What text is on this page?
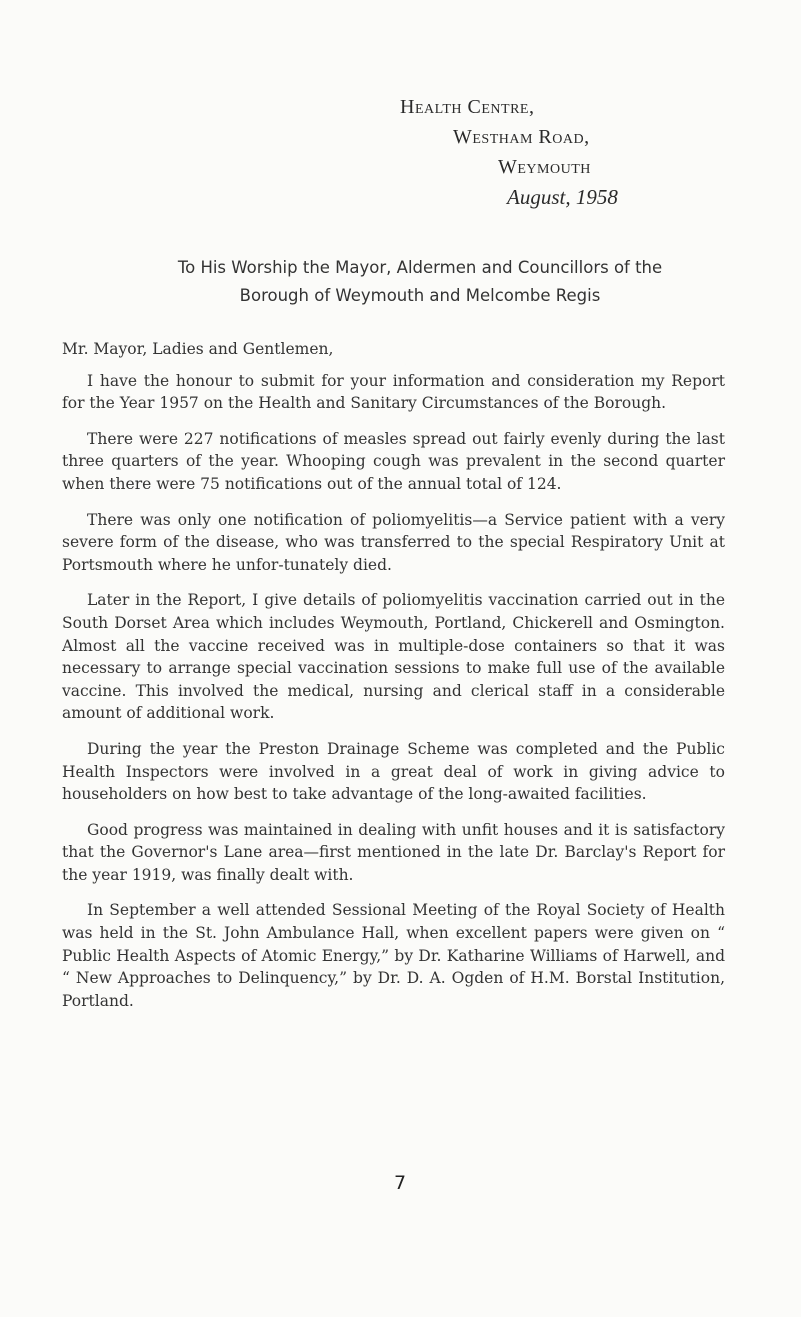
Health Centre,
Westham Road,
Weymouth
August, 1958
To His Worship the Mayor, Aldermen and Councillors of the
Borough of Weymouth and Melcombe Regis

Mr. Mayor, Ladies and Gentlemen,

I have the honour to submit for your information and consideration my Report for the Year 1957 on the Health and Sanitary Circumstances of the Borough.

There were 227 notifications of measles spread out fairly evenly during the last three quarters of the year. Whooping cough was prevalent in the second quarter when there were 75 notifications out of the annual total of 124.

There was only one notification of poliomyelitis—a Service patient with a very severe form of the disease, who was transferred to the special Respiratory Unit at Portsmouth where he unfor-tunately died.

Later in the Report, I give details of poliomyelitis vaccination carried out in the South Dorset Area which includes Weymouth, Portland, Chickerell and Osmington. Almost all the vaccine received was in multiple-dose containers so that it was necessary to arrange special vaccination sessions to make full use of the available vaccine. This involved the medical, nursing and clerical staff in a considerable amount of additional work.

During the year the Preston Drainage Scheme was completed and the Public Health Inspectors were involved in a great deal of work in giving advice to householders on how best to take advantage of the long-awaited facilities.

Good progress was maintained in dealing with unfit houses and it is satisfactory that the Governor's Lane area—first mentioned in the late Dr. Barclay's Report for the year 1919, was finally dealt with.

In September a well attended Sessional Meeting of the Royal Society of Health was held in the St. John Ambulance Hall, when excellent papers were given on “ Public Health Aspects of Atomic Energy,” by Dr. Katharine Williams of Harwell, and “ New Approaches to Delinquency,” by Dr. D. A. Ogden of H.M. Borstal Institution, Portland.

7
